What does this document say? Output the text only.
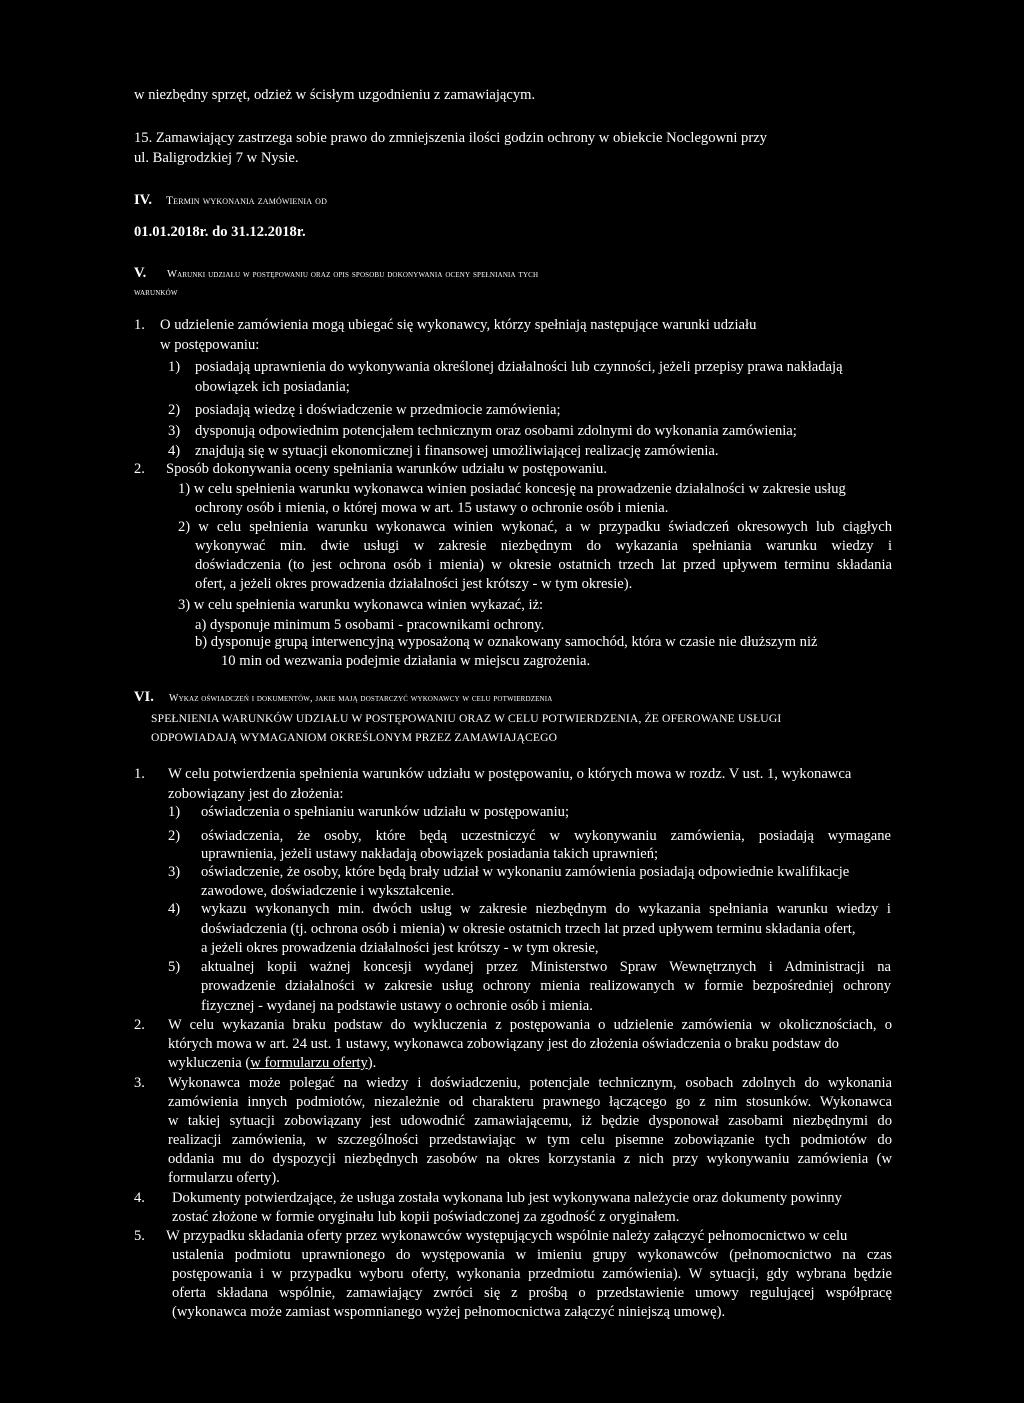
w niezbędny sprzęt, odzież w ścisłym uzgodnieniu z zamawiającym.
15. Zamawiający zastrzega sobie prawo do zmniejszenia ilości godzin ochrony w obiekcie Noclegowni przy
ul. Baligrodzkiej 7 w Nysie.
IV. Termin wykonania zamówienia od
01.01.2018r. do 31.12.2018r.
V. Warunki udziału w postępowaniu oraz opis sposobu dokonywania oceny spełniania tych
warunków
1. O udzielenie zamówienia mogą ubiegać się wykonawcy, którzy spełniają następujące warunki udziału
w postępowaniu:
1) posiadają uprawnienia do wykonywania określonej działalności lub czynności, jeżeli przepisy prawa nakładają
obowiązek ich posiadania;
2) posiadają wiedzę i doświadczenie w przedmiocie zamówienia;
3) dysponują odpowiednim potencjałem technicznym oraz osobami zdolnymi do wykonania zamówienia;
4) znajdują się w sytuacji ekonomicznej i finansowej umożliwiającej realizację zamówienia.
2. Sposób dokonywania oceny spełniania warunków udziału w postępowaniu.
1) w celu spełnienia warunku wykonawca winien posiadać koncesję na prowadzenie działalności w zakresie usług
ochrony osób i mienia, o której mowa w art. 15 ustawy o ochronie osób i mienia.
2) w celu spełnienia warunku wykonawca winien wykonać, a w przypadku świadczeń okresowych lub ciągłych
wykonywać min. dwie usługi w zakresie niezbędnym do wykazania spełniania warunku wiedzy i
doświadczenia (to jest ochrona osób i mienia) w okresie ostatnich trzech lat przed upływem terminu składania
ofert, a jeżeli okres prowadzenia działalności jest krótszy - w tym okresie).
3) w celu spełnienia warunku wykonawca winien wykazać, iż:
a) dysponuje minimum 5 osobami - pracownikami ochrony.
b) dysponuje grupą interwencyjną wyposażoną w oznakowany samochód, która w czasie nie dłuższym niż
10 min od wezwania podejmie działania w miejscu zagrożenia.
VI. Wykaz oświadczeń i dokumentów, jakie mają dostarczyć wykonawcy w celu potwierdzenia
SPEŁNIENIA WARUNKÓW UDZIAŁU W POSTĘPOWANIU ORAZ W CELU POTWIERDZENIA, ŻE OFEROWANE USŁUGI
ODPOWIADAJĄ WYMAGANIOM OKREŚLONYM PRZEZ ZAMAWIAJĄCEGO
1. W celu potwierdzenia spełnienia warunków udziału w postępowaniu, o których mowa w rozdz. V ust. 1, wykonawca
zobowiązany jest do złożenia:
1) oświadczenia o spełnianiu warunków udziału w postępowaniu;
2) oświadczenia, że osoby, które będą uczestniczyć w wykonywaniu zamówienia, posiadają wymagane
uprawnienia, jeżeli ustawy nakładają obowiązek posiadania takich uprawnień;
3) oświadczenie, że osoby, które będą brały udział w wykonaniu zamówienia posiadają odpowiednie kwalifikacje
zawodowe, doświadczenie i wykształcenie.
4) wykazu wykonanych min. dwóch usług w zakresie niezbędnym do wykazania spełniania warunku wiedzy i
doświadczenia (tj. ochrona osób i mienia) w okresie ostatnich trzech lat przed upływem terminu składania ofert,
a jeżeli okres prowadzenia działalności jest krótszy - w tym okresie,
5) aktualnej kopii ważnej koncesji wydanej przez Ministerstwo Spraw Wewnętrznych i Administracji na
prowadzenie działalności w zakresie usług ochrony mienia realizowanych w formie bezpośredniej ochrony
fizycznej - wydanej na podstawie ustawy o ochronie osób i mienia.
2. W celu wykazania braku podstaw do wykluczenia z postępowania o udzielenie zamówienia w okolicznościach, o
których mowa w art. 24 ust. 1 ustawy, wykonawca zobowiązany jest do złożenia oświadczenia o braku podstaw do
wykluczenia (w formularzu oferty).
3. Wykonawca może polegać na wiedzy i doświadczeniu, potencjale technicznym, osobach zdolnych do wykonania
zamówienia innych podmiotów, niezależnie od charakteru prawnego łączącego go z nim stosunków. Wykonawca
w takiej sytuacji zobowiązany jest udowodnić zamawiającemu, iż będzie dysponował zasobami niezbędnymi do
realizacji zamówienia, w szczególności przedstawiając w tym celu pisemne zobowiązanie tych podmiotów do
oddania mu do dyspozycji niezbędnych zasobów na okres korzystania z nich przy wykonywaniu zamówienia (w
formularzu oferty).
4. Dokumenty potwierdzające, że usługa została wykonana lub jest wykonywana należycie oraz dokumenty powinny
zostać złożone w formie oryginału lub kopii poświadczonej za zgodność z oryginałem.
5. W przypadku składania oferty przez wykonawców występujących wspólnie należy załączyć pełnomocnictwo w celu
ustalenia podmiotu uprawnionego do występowania w imieniu grupy wykonawców (pełnomocnictwo na czas
postępowania i w przypadku wyboru oferty, wykonania przedmiotu zamówienia). W sytuacji, gdy wybrana będzie
oferta składana wspólnie, zamawiający zwróci się z prośbą o przedstawienie umowy regulującej współpracę
(wykonawca może zamiast wspomnianego wyżej pełnomocnictwa załączyć niniejszą umowę).
